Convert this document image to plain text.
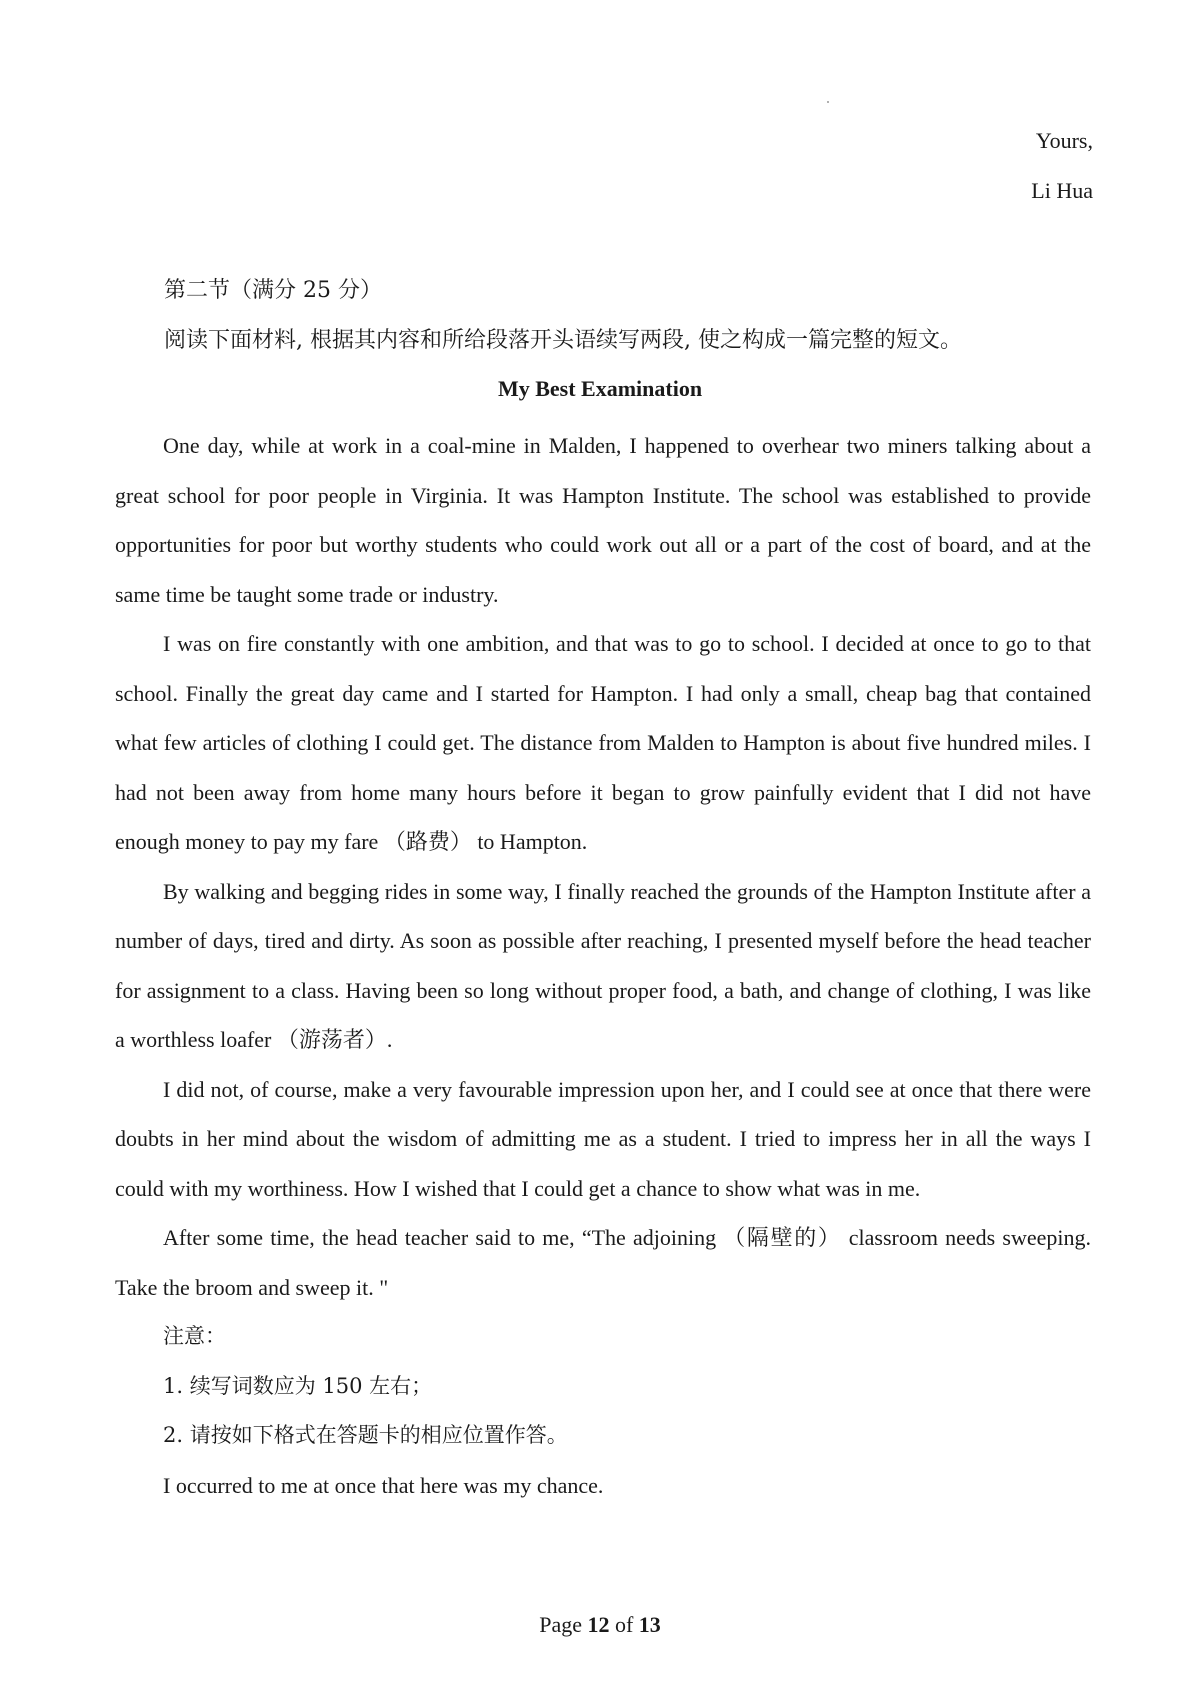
Yours,
Li Hua
第二节（满分 25 分）
阅读下面材料, 根据其内容和所给段落开头语续写两段, 使之构成一篇完整的短文。
My Best Examination

One day, while at work in a coal-mine in Malden, I happened to overhear two miners talking about a great school for poor people in Virginia. It was Hampton Institute. The school was established to provide opportunities for poor but worthy students who could work out all or a part of the cost of board, and at the same time be taught some trade or industry.

I was on fire constantly with one ambition, and that was to go to school. I decided at once to go to that school. Finally the great day came and I started for Hampton. I had only a small, cheap bag that contained what few articles of clothing I could get. The distance from Malden to Hampton is about five hundred miles. I had not been away from home many hours before it began to grow painfully evident that I did not have enough money to pay my fare （路费） to Hampton.

By walking and begging rides in some way, I finally reached the grounds of the Hampton Institute after a number of days, tired and dirty. As soon as possible after reaching, I presented myself before the head teacher for assignment to a class. Having been so long without proper food, a bath, and change of clothing, I was like a worthless loafer （游荡者）.

I did not, of course, make a very favourable impression upon her, and I could see at once that there were doubts in her mind about the wisdom of admitting me as a student. I tried to impress her in all the ways I could with my worthiness. How I wished that I could get a chance to show what was in me.

After some time, the head teacher said to me, “The adjoining （隔壁的） classroom needs sweeping. Take the broom and sweep it. "

注意：

1. 续写词数应为 150 左右；

2. 请按如下格式在答题卡的相应位置作答。

I occurred to me at once that here was my chance.

Page 12 of 13
